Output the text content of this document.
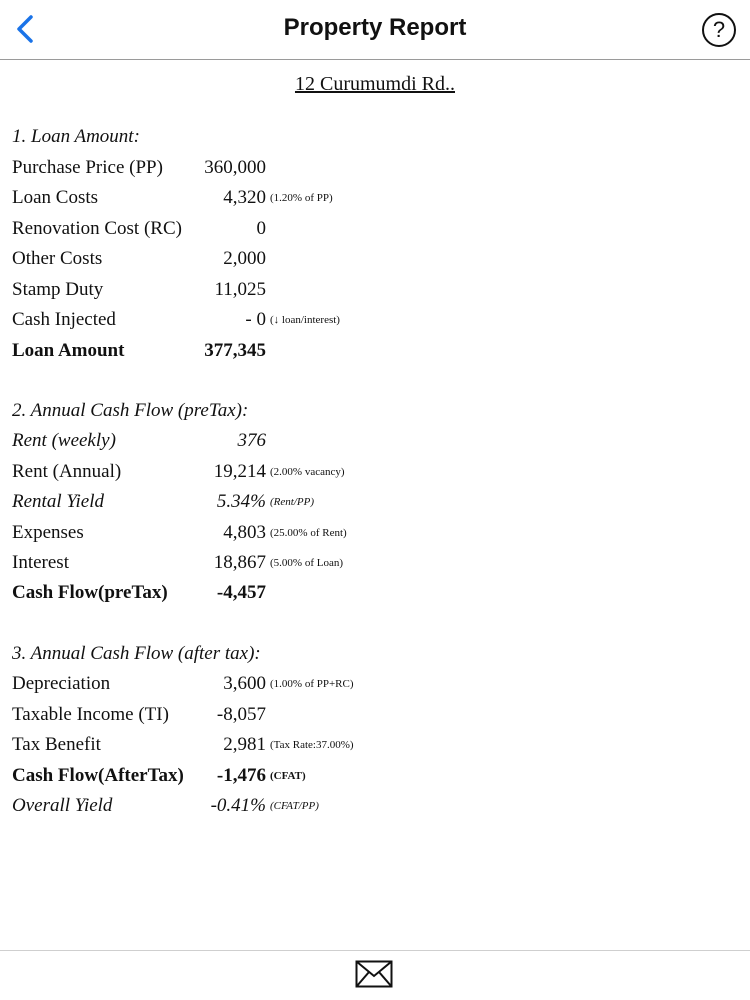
Property Report	?
12 Curumumdi Rd..
1. Loan Amount:
Purchase Price (PP) 360,000
Loan Costs	4,320 (1.20% of PP)
Renovation Cost (RC)	0
Other Costs	2,000
Stamp Duty	11,025
Cash Injected	- 0 (↓ loan/interest)
Loan Amount	377,345
2. Annual Cash Flow (preTax):
Rent (weekly)	376
Rent (Annual)	19,214 (2.00% vacancy)
Rental Yield	5.34% (Rent/PP)
Expenses	4,803 (25.00% of Rent)
Interest	18,867 (5.00% of Loan)
Cash Flow(preTax)	-4,457
3. Annual Cash Flow (after tax):
Depreciation	3,600 (1.00% of PP+RC)
Taxable Income (TI)	-8,057
Tax Benefit	2,981 (Tax Rate:37.00%)
Cash Flow(AfterTax) -1,476 (CFAT)
Overall Yield	-0.41% (CFAT/PP)
